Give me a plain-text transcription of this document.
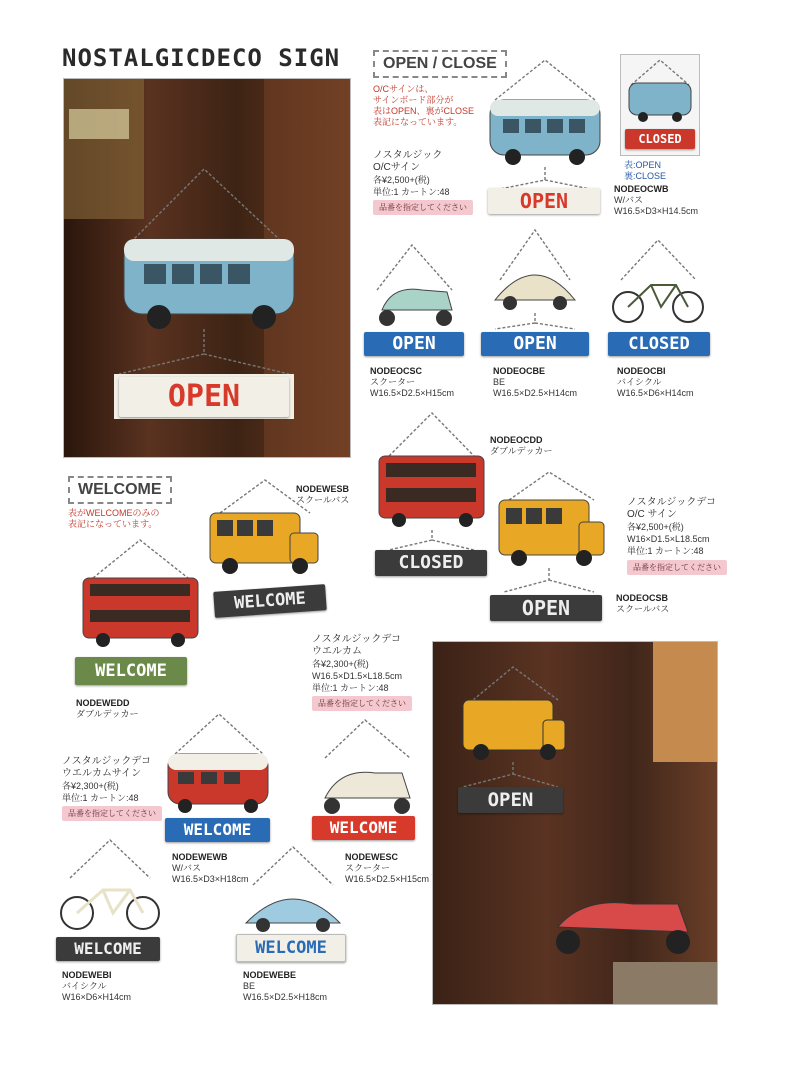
NOSTALGICDECO SIGN
OPEN
OPEN / CLOSE
O/Cサインは、
サインボード部分が
表はOPEN、裏がCLOSE
表記になっています。
ノスタルジック
O/Cサイン
各¥2,500+(税)
単位:1 カートン:48
品番を指定してください	OPEN
CLOSED
表:OPEN
裏:CLOSE
NODEOCWB
W/バス
W16.5×D3×H14.5cm
OPEN	OPEN	CLOSED
NODEOCSC
スクーター
W16.5×D2.5×H15cm
NODEOCBE
BE
W16.5×D2.5×H14cm
NODEOCBI
バイシクル
W16.5×D6×H14cm
CLOSED
NODEOCDD
ダブルデッカー
OPEN
ノスタルジックデコ
O/C サイン
各¥2,500+(税)
W16×D1.5×L18.5cm
単位:1 カートン:48
品番を指定してください
NODEOCSB
スクールバス
WELCOME
表がWELCOMEのみの
表記になっています。
WELCOME
NODEWESB
スクールバス
WELCOME
NODEWEDD
ダブルデッカー
ノスタルジックデコ
ウエルカム
各¥2,300+(税)
W16.5×D1.5×L18.5cm
単位:1 カートン:48
品番を指定してください
OPEN
WELCOME
NODEWEWB
W/バス
W16.5×D3×H18cm
WELCOME
NODEWESC
スクーター
W16.5×D2.5×H15cm
ノスタルジックデコ
ウエルカムサイン
各¥2,300+(税)
単位:1 カートン:48
品番を指定してください
WELCOME
NODEWEBI
バイシクル
W16×D6×H14cm
WELCOME
NODEWEBE
BE
W16.5×D2.5×H18cm
